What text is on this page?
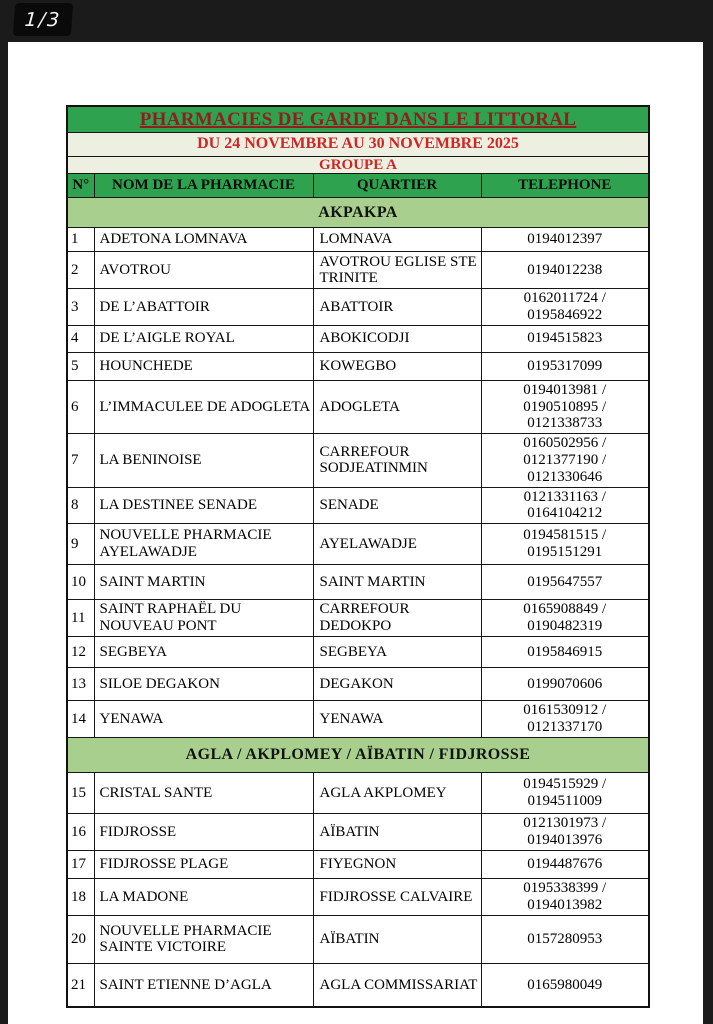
1/3
PHARMACIES DE GARDE DANS LE LITTORAL			
DU 24 NOVEMBRE AU 30 NOVEMBRE 2025			
GROUPE A			
N°	NOM DE LA PHARMACIE	QUARTIER	TELEPHONE
AKPAKPA			
1	ADETONA LOMNAVA	LOMNAVA	0194012397
2	AVOTROU	AVOTROU EGLISE STE TRINITE	0194012238
3	DE L’ABATTOIR	ABATTOIR	0162011724 / 0195846922
4	DE L’AIGLE ROYAL	ABOKICODJI	0194515823
5	HOUNCHEDE	KOWEGBO	0195317099
6	L’IMMACULEE DE ADOGLETA	ADOGLETA	0194013981 / 0190510895 / 0121338733
7	LA BENINOISE	CARREFOUR SODJEATINMIN	0160502956 / 0121377190 / 0121330646
8	LA DESTINEE SENADE	SENADE	0121331163 / 0164104212
9	NOUVELLE PHARMACIE AYELAWADJE	AYELAWADJE	0194581515 / 0195151291
10	SAINT MARTIN	SAINT MARTIN	0195647557
11	SAINT RAPHAËL DU NOUVEAU PONT	CARREFOUR DEDOKPO	0165908849 / 0190482319
12	SEGBEYA	SEGBEYA	0195846915
13	SILOE DEGAKON	DEGAKON	0199070606
14	YENAWA	YENAWA	0161530912 / 0121337170
AGLA / AKPLOMEY / AÏBATIN / FIDJROSSE			
15	CRISTAL SANTE	AGLA AKPLOMEY	0194515929 / 0194511009
16	FIDJROSSE	AÏBATIN	0121301973 / 0194013976
17	FIDJROSSE PLAGE	FIYEGNON	0194487676
18	LA MADONE	FIDJROSSE CALVAIRE	0195338399 / 0194013982
20	NOUVELLE PHARMACIE SAINTE VICTOIRE	AÏBATIN	0157280953
21	SAINT ETIENNE D’AGLA	AGLA COMMISSARIAT	0165980049
